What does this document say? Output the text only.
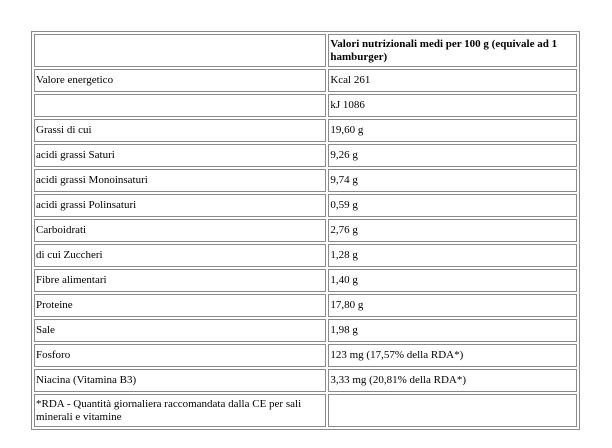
	Valori nutrizionali medi per 100 g (equivale ad 1 hamburger)
Valore energetico	Kcal 261
	kJ 1086
Grassi di cui	19,60 g
acidi grassi Saturi	9,26 g
acidi grassi Monoinsaturi	9,74 g
acidi grassi Polinsaturi	0,59 g
Carboidrati	2,76 g
di cui Zuccheri	1,28 g
Fibre alimentari	1,40 g
Proteine	17,80 g
Sale	1,98 g
Fosforo	123 mg (17,57% della RDA*)
Niacina (Vitamina B3)	3,33 mg (20,81% della RDA*)
*RDA - Quantità giornaliera raccomandata dalla CE per sali minerali e vitamine	
